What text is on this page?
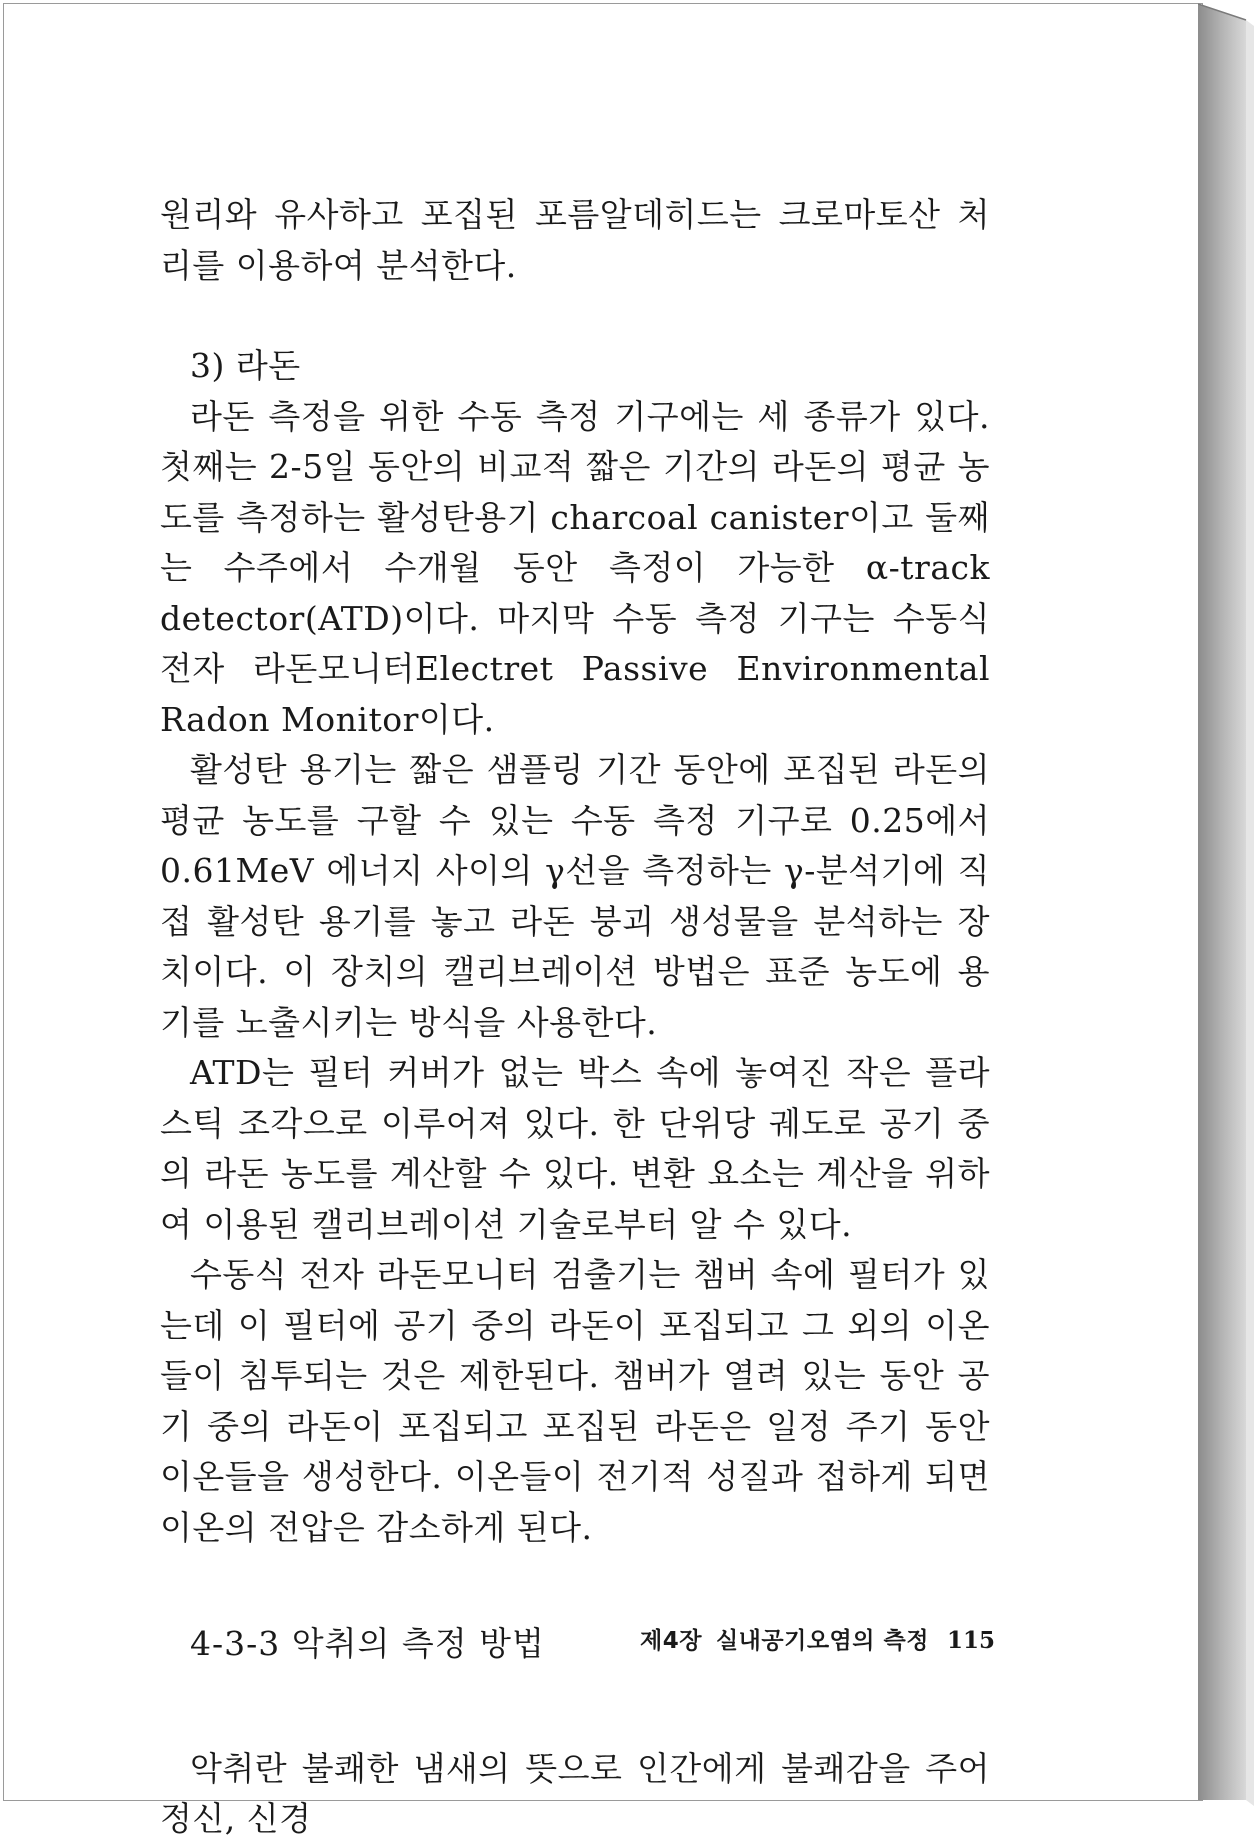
원리와 유사하고 포집된 포름알데히드는 크로마토산 처리를 이용하여 분석한다.

3) 라돈

라돈 측정을 위한 수동 측정 기구에는 세 종류가 있다. 첫째는 2-5일 동안의 비교적 짧은 기간의 라돈의 평균 농도를 측정하는 활성탄용기 charcoal canister이고 둘째는 수주에서 수개월 동안 측정이 가능한 α-track detector(ATD)이다. 마지막 수동 측정 기구는 수동식 전자 라돈모니터Electret Passive Environmental Radon Monitor이다.

활성탄 용기는 짧은 샘플링 기간 동안에 포집된 라돈의 평균 농도를 구할 수 있는 수동 측정 기구로 0.25에서 0.61MeV 에너지 사이의 γ선을 측정하는 γ-분석기에 직접 활성탄 용기를 놓고 라돈 붕괴 생성물을 분석하는 장치이다. 이 장치의 캘리브레이션 방법은 표준 농도에 용기를 노출시키는 방식을 사용한다.

ATD는 필터 커버가 없는 박스 속에 놓여진 작은 플라스틱 조각으로 이루어져 있다. 한 단위당 궤도로 공기 중의 라돈 농도를 계산할 수 있다. 변환 요소는 계산을 위하여 이용된 캘리브레이션 기술로부터 알 수 있다.

수동식 전자 라돈모니터 검출기는 챔버 속에 필터가 있는데 이 필터에 공기 중의 라돈이 포집되고 그 외의 이온들이 침투되는 것은 제한된다. 챔버가 열려 있는 동안 공기 중의 라돈이 포집되고 포집된 라돈은 일정 주기 동안 이온들을 생성한다. 이온들이 전기적 성질과 접하게 되면 이온의 전압은 감소하게 된다.

4-3-3 악취의 측정 방법

악취란 불쾌한 냄새의 뜻으로 인간에게 불쾌감을 주어 정신, 신경

제4장 실내공기오염의 측정 115
